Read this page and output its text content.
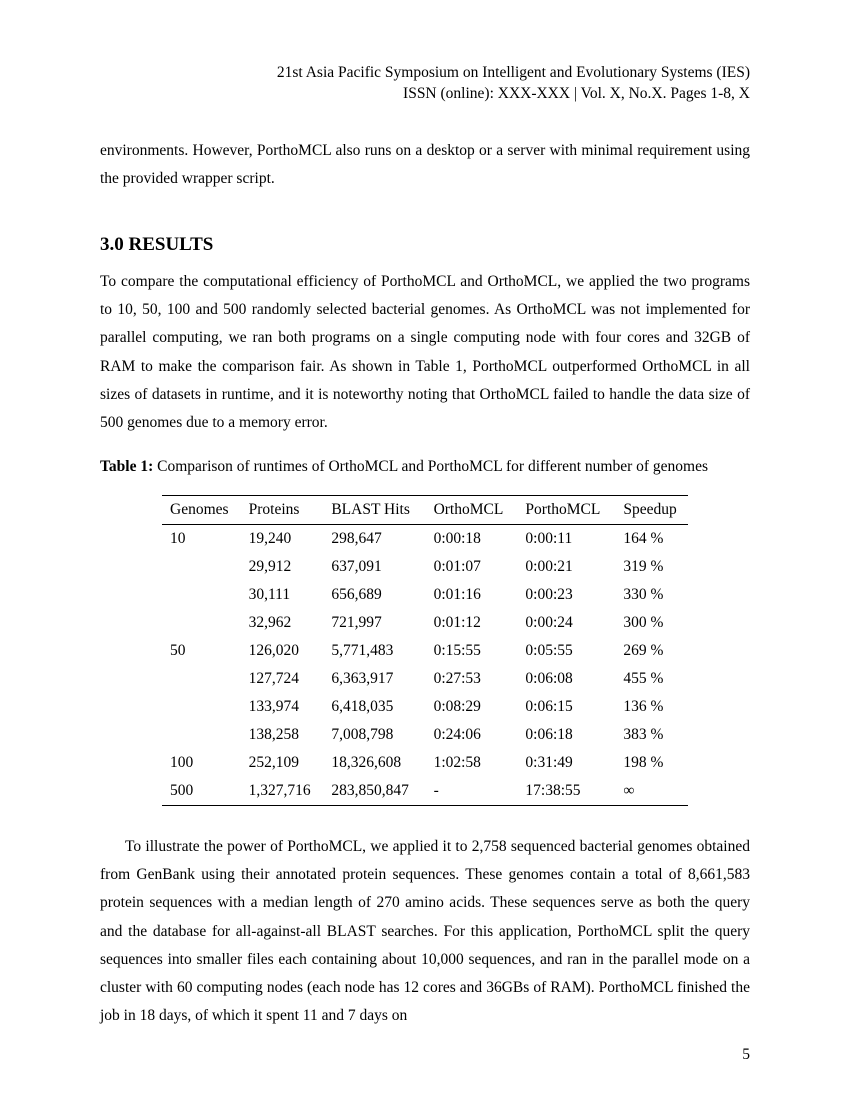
21st Asia Pacific Symposium on Intelligent and Evolutionary Systems (IES)
ISSN (online): XXX-XXX | Vol. X, No.X. Pages 1-8, X

environments. However, PorthoMCL also runs on a desktop or a server with minimal requirement using the provided wrapper script.

3.0 RESULTS

To compare the computational efficiency of PorthoMCL and OrthoMCL, we applied the two programs to 10, 50, 100 and 500 randomly selected bacterial genomes. As OrthoMCL was not implemented for parallel computing, we ran both programs on a single computing node with four cores and 32GB of RAM to make the comparison fair. As shown in Table 1, PorthoMCL outperformed OrthoMCL in all sizes of datasets in runtime, and it is noteworthy noting that OrthoMCL failed to handle the data size of 500 genomes due to a memory error.

Table 1: Comparison of runtimes of OrthoMCL and PorthoMCL for different number of genomes
Genomes	Proteins	BLAST Hits	OrthoMCL	PorthoMCL	Speedup
10	19,240	298,647	0:00:18	0:00:11	164 %
	29,912	637,091	0:01:07	0:00:21	319 %
	30,111	656,689	0:01:16	0:00:23	330 %
	32,962	721,997	0:01:12	0:00:24	300 %
50	126,020	5,771,483	0:15:55	0:05:55	269 %
	127,724	6,363,917	0:27:53	0:06:08	455 %
	133,974	6,418,035	0:08:29	0:06:15	136 %
	138,258	7,008,798	0:24:06	0:06:18	383 %
100	252,109	18,326,608	1:02:58	0:31:49	198 %
500	1,327,716	283,850,847	-	17:38:55	∞

To illustrate the power of PorthoMCL, we applied it to 2,758 sequenced bacterial genomes obtained from GenBank using their annotated protein sequences. These genomes contain a total of 8,661,583 protein sequences with a median length of 270 amino acids. These sequences serve as both the query and the database for all-against-all BLAST searches. For this application, PorthoMCL split the query sequences into smaller files each containing about 10,000 sequences, and ran in the parallel mode on a cluster with 60 computing nodes (each node has 12 cores and 36GBs of RAM). PorthoMCL finished the job in 18 days, of which it spent 11 and 7 days on

5
